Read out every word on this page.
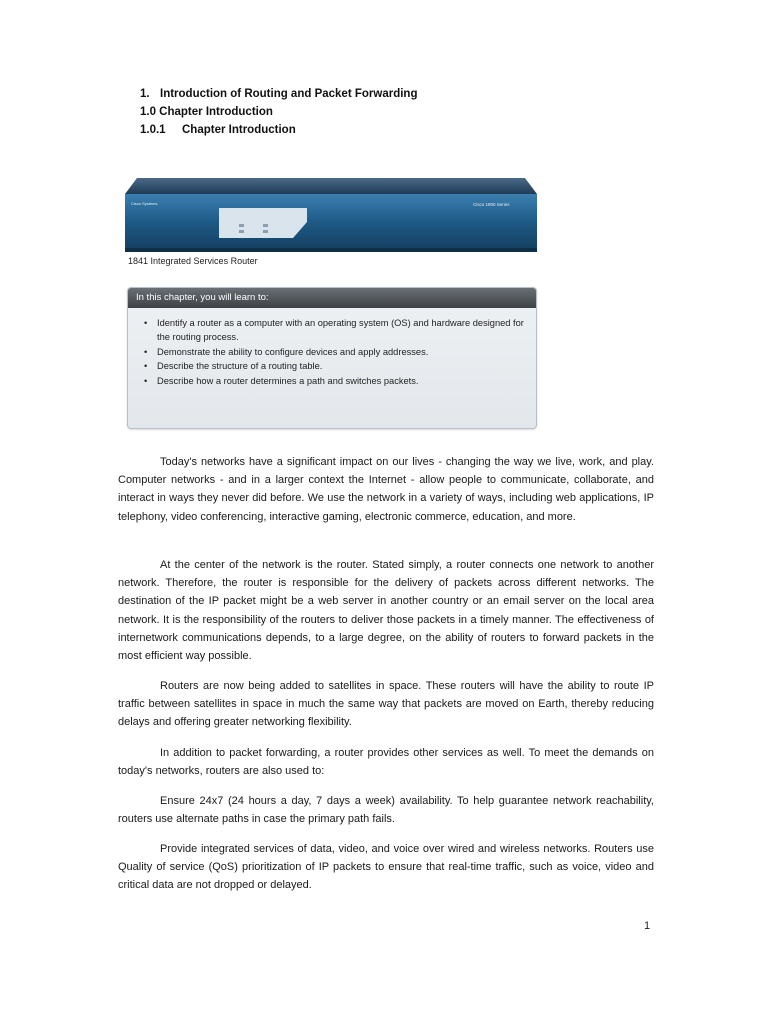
1. Introduction of Routing and Packet Forwarding
1.0 Chapter Introduction
1.0.1 Chapter Introduction
Cisco Systems	Cisco 1800 Series
1841 Integrated Services Router
In this chapter, you will learn to:
• Identify a router as a computer with an operating system (OS) and hardware designed for the routing process.
• Demonstrate the ability to configure devices and apply addresses.
• Describe the structure of a routing table.
• Describe how a router determines a path and switches packets.

Today's networks have a significant impact on our lives - changing the way we live, work, and play. Computer networks - and in a larger context the Internet - allow people to communicate, collaborate, and interact in ways they never did before. We use the network in a variety of ways, including web applications, IP telephony, video conferencing, interactive gaming, electronic commerce, education, and more.

At the center of the network is the router. Stated simply, a router connects one network to another network. Therefore, the router is responsible for the delivery of packets across different networks. The destination of the IP packet might be a web server in another country or an email server on the local area network. It is the responsibility of the routers to deliver those packets in a timely manner. The effectiveness of internetwork communications depends, to a large degree, on the ability of routers to forward packets in the most efficient way possible.

Routers are now being added to satellites in space. These routers will have the ability to route IP traffic between satellites in space in much the same way that packets are moved on Earth, thereby reducing delays and offering greater networking flexibility.

In addition to packet forwarding, a router provides other services as well. To meet the demands on today's networks, routers are also used to:

Ensure 24x7 (24 hours a day, 7 days a week) availability. To help guarantee network reachability, routers use alternate paths in case the primary path fails.

Provide integrated services of data, video, and voice over wired and wireless networks. Routers use Quality of service (QoS) prioritization of IP packets to ensure that real-time traffic, such as voice, video and critical data are not dropped or delayed.

1
